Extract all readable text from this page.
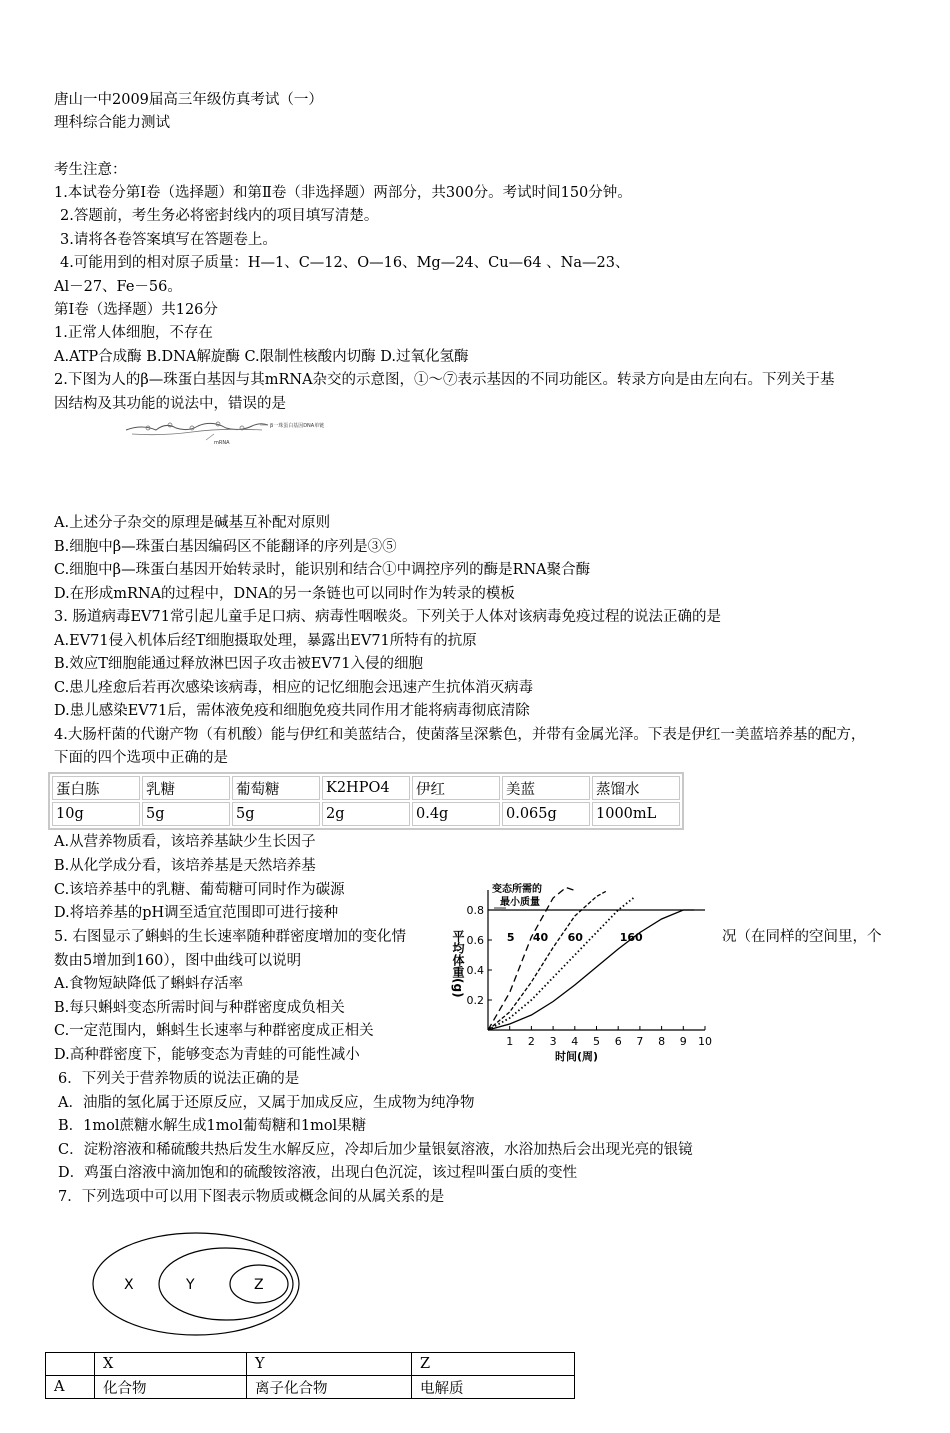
唐山一中2009届高三年级仿真考试（一）
理科综合能力测试
考生注意：
1.本试卷分第Ⅰ卷（选择题）和第Ⅱ卷（非选择题）两部分，共300分。考试时间150分钟。
2.答题前，考生务必将密封线内的项目填写清楚。
3.请将各卷答案填写在答题卷上。
4.可能用到的相对原子质量：H—1、C—12、O—16、Mg—24、Cu—64 、Na—23、
Al－27、Fe－56。
第Ⅰ卷（选择题）共126分
1.正常人体细胞，不存在
A.ATP合成酶 B.DNA解旋酶 C.限制性核酸内切酶 D.过氧化氢酶
2.下图为人的β—珠蛋白基因与其mRNA杂交的示意图，①～⑦表示基因的不同功能区。转录方向是由左向右。下列关于基
因结构及其功能的说法中，错误的是
β一珠蛋白基因DNA单链
mRNA
A.上述分子杂交的原理是碱基互补配对原则
B.细胞中β—珠蛋白基因编码区不能翻译的序列是③⑤
C.细胞中β—珠蛋白基因开始转录时，能识别和结合①中调控序列的酶是RNA聚合酶
D.在形成mRNA的过程中，DNA的另一条链也可以同时作为转录的模板
3. 肠道病毒EV71常引起儿童手足口病、病毒性咽喉炎。下列关于人体对该病毒免疫过程的说法正确的是
A.EV71侵入机体后经T细胞摄取处理，暴露出EV71所特有的抗原
B.效应T细胞能通过释放淋巴因子攻击被EV71入侵的细胞
C.患儿痊愈后若再次感染该病毒，相应的记忆细胞会迅速产生抗体消灭病毒
D.患儿感染EV71后，需体液免疫和细胞免疫共同作用才能将病毒彻底清除
4.大肠杆菌的代谢产物（有机酸）能与伊红和美蓝结合，使菌落呈深紫色，并带有金属光泽。下表是伊红一美蓝培养基的配方，
下面的四个选项中正确的是
蛋白胨	乳糖	葡萄糖	K2HPO4	伊红	美蓝	蒸馏水
10g	5g	5g	2g	0.4g	0.065g	1000mL
A.从营养物质看，该培养基缺少生长因子
B.从化学成分看，该培养基是天然培养基
C.该培养基中的乳糖、葡萄糖可同时作为碳源
D.将培养基的pH调至适宜范围即可进行接种
5. 右图显示了蝌蚪的生长速率随种群密度增加的变化情	况（在同样的空间里，个
数由5增加到160），图中曲线可以说明
A.食物短缺降低了蝌蚪存活率
B.每只蝌蚪变态所需时间与种群密度成负相关
C.一定范围内，蝌蚪生长速率与种群密度成正相关
D.高种群密度下，能够变态为青蛙的可能性减小
1 2 3 4 5 6 7 8 9 10
0.2
0.4
0.6
0.8
变态所需的
最小质量
5 40 60	160
时间(周)
平均体重(g)
6．下列关于营养物质的说法正确的是
A．油脂的氢化属于还原反应，又属于加成反应，生成物为纯净物
B．1mol蔗糖水解生成1mol葡萄糖和1mol果糖
C．淀粉溶液和稀硫酸共热后发生水解反应，冷却后加少量银氨溶液，水浴加热后会出现光亮的银镜
D．鸡蛋白溶液中滴加饱和的硫酸铵溶液，出现白色沉淀，该过程叫蛋白质的变性
7．下列选项中可以用下图表示物质或概念间的从属关系的是
X	Y	Z
	X	Y	Z
A	化合物	离子化合物	电解质
